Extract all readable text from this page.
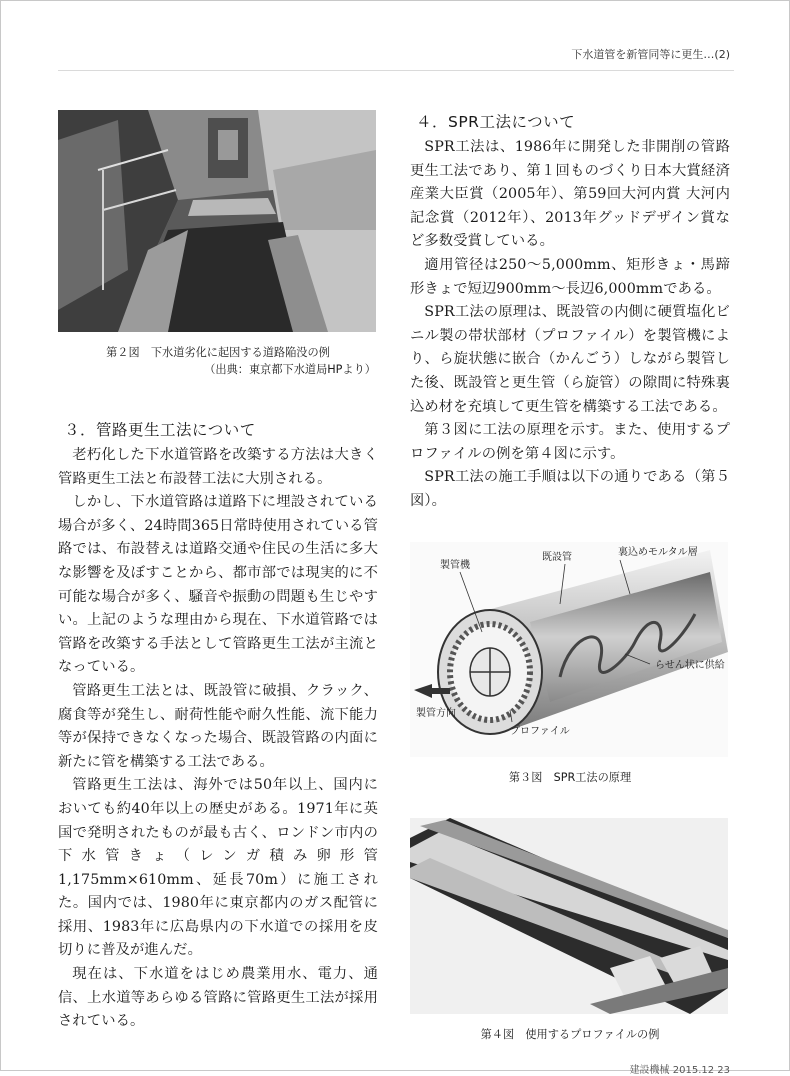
下水道管を新管同等に更生…(2)
第２図　下水道劣化に起因する道路陥没の例
（出典：東京都下水道局HPより）
３．管路更生工法について

老朽化した下水道管路を改築する方法は大きく管路更生工法と布設替工法に大別される。

しかし、下水道管路は道路下に埋設されている場合が多く、24時間365日常時使用されている管路では、布設替えは道路交通や住民の生活に多大な影響を及ぼすことから、都市部では現実的に不可能な場合が多く、騒音や振動の問題も生じやすい。上記のような理由から現在、下水道管路では管路を改築する手法として管路更生工法が主流となっている。

管路更生工法とは、既設管に破損、クラック、腐食等が発生し、耐荷性能や耐久性能、流下能力等が保持できなくなった場合、既設管路の内面に新たに管を構築する工法である。

管路更生工法は、海外では50年以上、国内においても約40年以上の歴史がある。1971年に英国で発明されたものが最も古く、ロンドン市内の下水管きょ（レンガ積み卵形管1,175mm×610mm、延長70m）に施工された。国内では、1980年に東京都内のガス配管に採用、1983年に広島県内の下水道での採用を皮切りに普及が進んだ。

現在は、下水道をはじめ農業用水、電力、通信、上水道等あらゆる管路に管路更生工法が採用されている。

４．SPR工法について

SPR工法は、1986年に開発した非開削の管路更生工法であり、第１回ものづくり日本大賞経済産業大臣賞（2005年）、第59回大河内賞 大河内記念賞（2012年）、2013年グッドデザイン賞など多数受賞している。

適用管径は250～5,000mm、矩形きょ・馬蹄形きょで短辺900mm～長辺6,000mmである。

SPR工法の原理は、既設管の内側に硬質塩化ビニル製の帯状部材（プロファイル）を製管機により、ら旋状態に嵌合（かんごう）しながら製管した後、既設管と更生管（ら旋管）の隙間に特殊裏込め材を充填して更生管を構築する工法である。

第３図に工法の原理を示す。また、使用するプロファイルの例を第４図に示す。

SPR工法の施工手順は以下の通りである（第５図）。

製管機
既設管	裏込めモルタル層
らせん状に供給
製管方向
プロファイル
第３図　SPR工法の原理
第４図　使用するプロファイルの例
建設機械 2015.12 23
